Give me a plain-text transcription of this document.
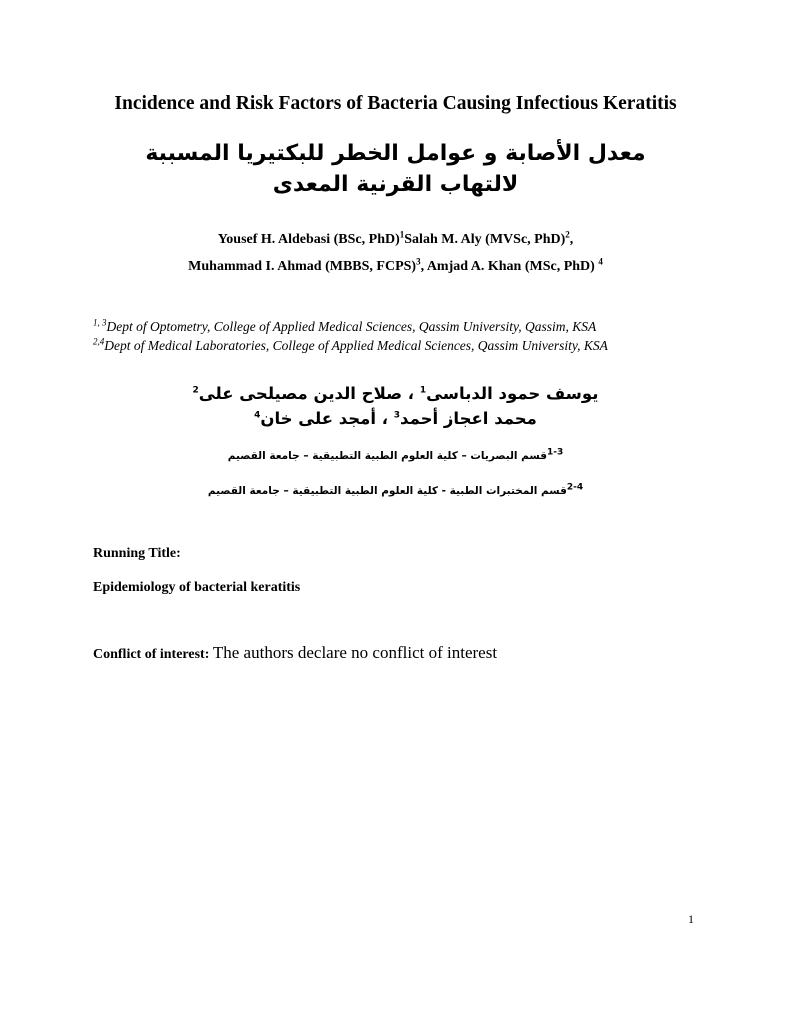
Incidence and Risk Factors of Bacteria Causing Infectious Keratitis
معدل الأصابة و عوامل الخطر للبكتيريا المسببة
لالتهاب القرنية المعدى
Yousef H. Aldebasi (BSc, PhD)$^1$Salah M. Aly (MVSc, PhD)$^2$,
Muhammad I. Ahmad (MBBS, FCPS)$^3$, Amjad A. Khan (MSc, PhD) $^4$
$^{1, 3}$Dept of Optometry, College of Applied Medical Sciences, Qassim University, Qassim, KSA
$^{2,4}$Dept of Medical Laboratories, College of Applied Medical Sciences, Qassim University, KSA
يوسف حمود الدباسى$^1$ ، صلاح الدين مصيلحى على$^2$
محمد اعجاز أحمد$^3$ ، أمجد على خان$^4$
$^{1-3}$قسم البصريات – كلية العلوم الطبية التطبيقية – جامعة القصيم
$^{2-4}$قسم المختبرات الطبية - كلية العلوم الطبية التطبيقية – جامعة القصيم
Running Title:
Epidemiology of bacterial keratitis
Conflict of interest: The authors declare no conflict of interest
1
